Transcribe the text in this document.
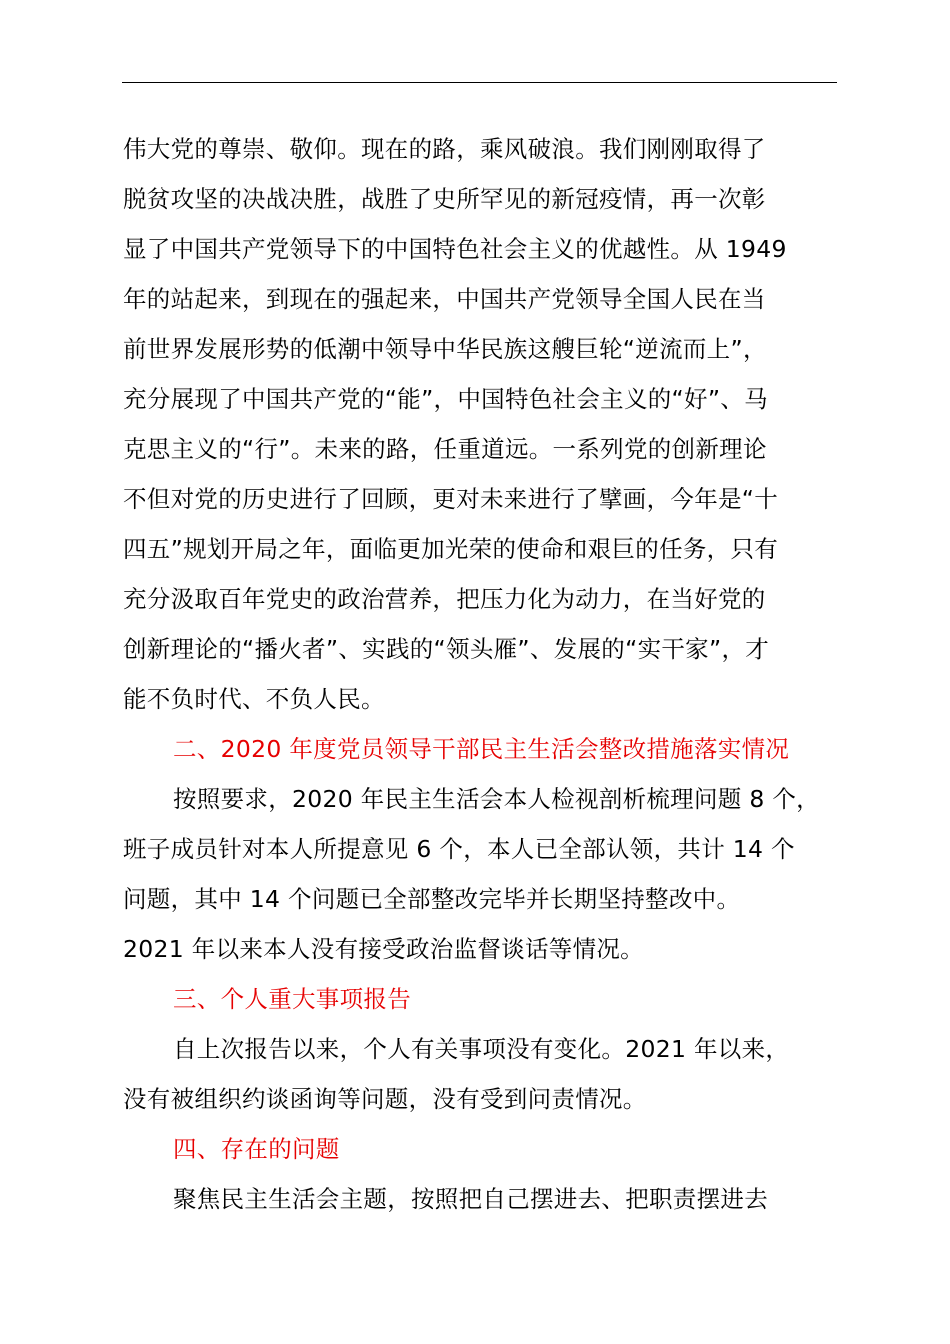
伟大党的尊崇、敬仰。现在的路，乘风破浪。我们刚刚取得了
脱贫攻坚的决战决胜，战胜了史所罕见的新冠疫情，再一次彰
显了中国共产党领导下的中国特色社会主义的优越性。从 1949
年的站起来，到现在的强起来，中国共产党领导全国人民在当
前世界发展形势的低潮中领导中华民族这艘巨轮“逆流而上”，
充分展现了中国共产党的“能”，中国特色社会主义的“好”、马
克思主义的“行”。未来的路，任重道远。一系列党的创新理论
不但对党的历史进行了回顾，更对未来进行了擘画，今年是“十
四五”规划开局之年，面临更加光荣的使命和艰巨的任务，只有
充分汲取百年党史的政治营养，把压力化为动力，在当好党的
创新理论的“播火者”、实践的“领头雁”、发展的“实干家”，才
能不负时代、不负人民。
二、2020 年度党员领导干部民主生活会整改措施落实情况
按照要求，2020 年民主生活会本人检视剖析梳理问题 8 个，
班子成员针对本人所提意见 6 个，本人已全部认领，共计 14 个
问题，其中 14 个问题已全部整改完毕并长期坚持整改中。
2021 年以来本人没有接受政治监督谈话等情况。
三、个人重大事项报告
自上次报告以来，个人有关事项没有变化。2021 年以来，
没有被组织约谈函询等问题，没有受到问责情况。
四、存在的问题
聚焦民主生活会主题，按照把自己摆进去、把职责摆进去
